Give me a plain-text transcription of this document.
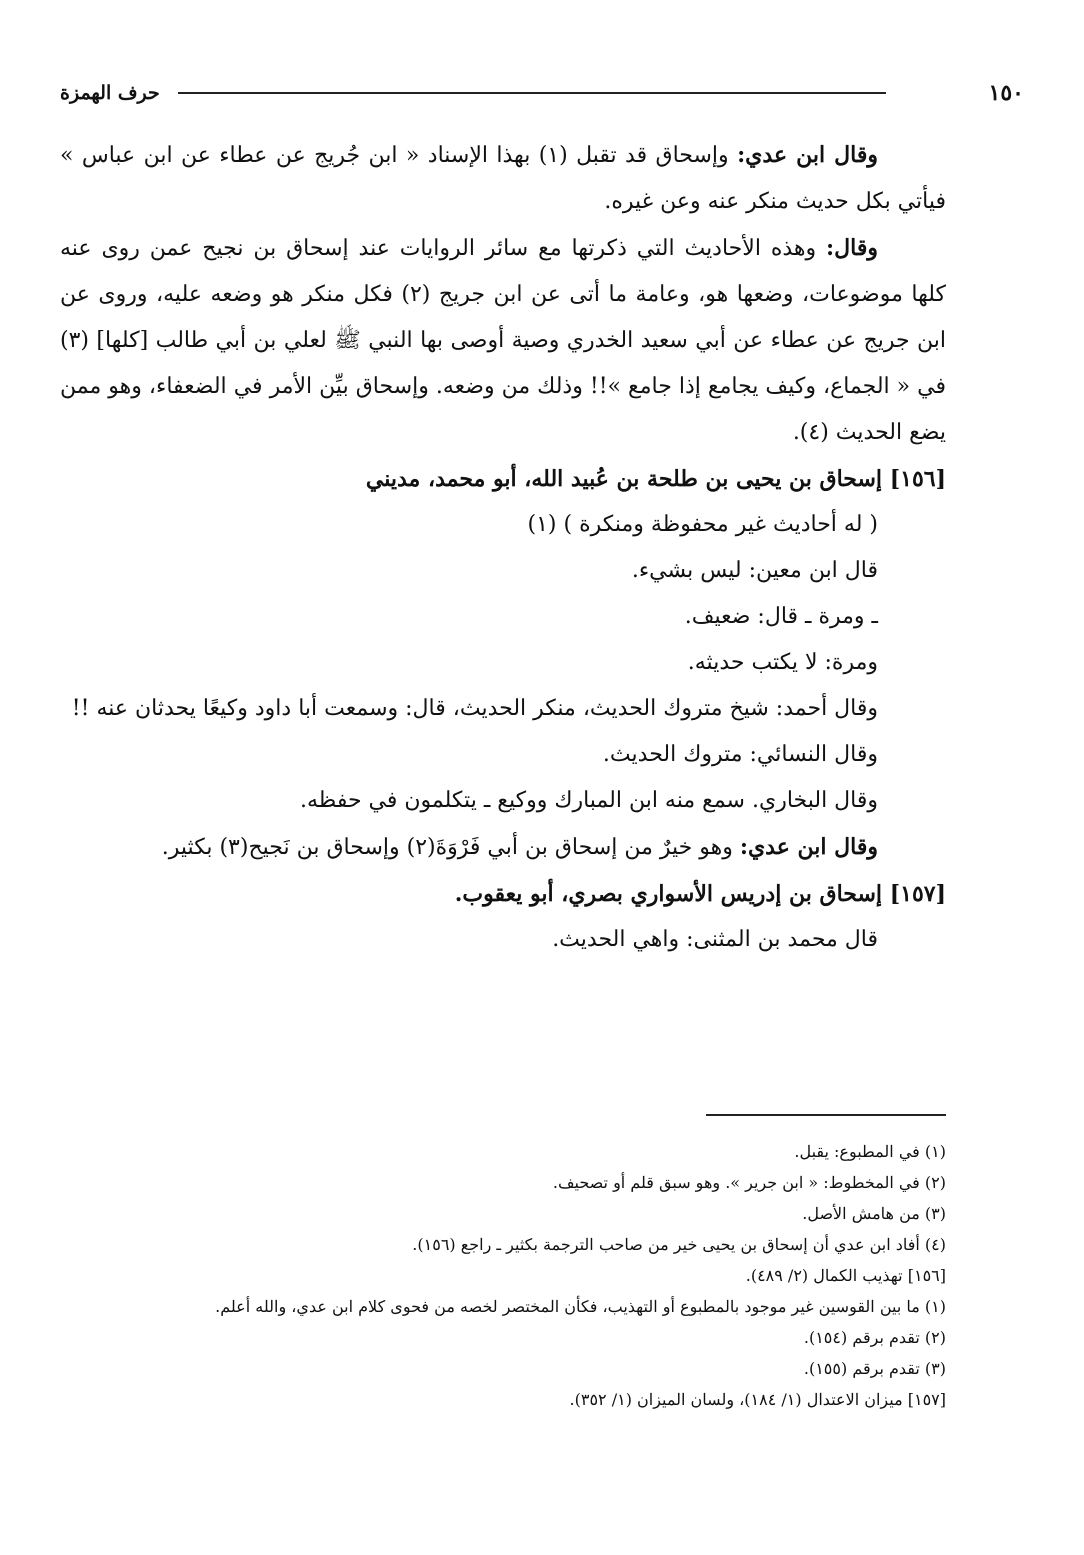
حرف الهمزة	١٥٠

وقال ابن عدي: وإسحاق قد تقبل (١) بهذا الإسناد « ابن جُريج عن عطاء عن ابن عباس » فيأتي بكل حديث منكر عنه وعن غيره.

وقال: وهذه الأحاديث التي ذكرتها مع سائر الروايات عند إسحاق بن نجيح عمن روى عنه كلها موضوعات، وضعها هو، وعامة ما أتى عن ابن جريج (٢) فكل منكر هو وضعه عليه، وروى عن ابن جريج عن عطاء عن أبي سعيد الخدري وصية أوصى بها النبي ﷺ لعلي بن أبي طالب [كلها] (٣) في « الجماع، وكيف يجامع إذا جامع »!! وذلك من وضعه. وإسحاق بيِّن الأمر في الضعفاء، وهو ممن يضع الحديث (٤).

[١٥٦] إسحاق بن يحيى بن طلحة بن عُبيد الله، أبو محمد، مديني

( له أحاديث غير محفوظة ومنكرة ) (١)

قال ابن معين: ليس بشيء.

ـ ومرة ـ قال: ضعيف.

ومرة: لا يكتب حديثه.

وقال أحمد: شيخ متروك الحديث، منكر الحديث، قال: وسمعت أبا داود وكيعًا يحدثان عنه !!

وقال النسائي: متروك الحديث.

وقال البخاري. سمع منه ابن المبارك ووكيع ـ يتكلمون في حفظه.

وقال ابن عدي: وهو خيرٌ من إسحاق بن أبي فَرْوَةَ(٢) وإسحاق بن نَجيح(٣) بكثير.

[١٥٧] إسحاق بن إدريس الأسواري بصري، أبو يعقوب.

قال محمد بن المثنى: واهي الحديث.

(١) في المطبوع: يقبل.

(٢) في المخطوط: « ابن جرير ». وهو سبق قلم أو تصحيف.

(٣) من هامش الأصل.

(٤) أفاد ابن عدي أن إسحاق بن يحيى خير من صاحب الترجمة بكثير ـ راجع (١٥٦).

[١٥٦] تهذيب الكمال (٢/ ٤٨٩).

(١) ما بين القوسين غير موجود بالمطبوع أو التهذيب، فكأن المختصر لخصه من فحوى كلام ابن عدي، والله أعلم.

(٢) تقدم برقم (١٥٤).

(٣) تقدم برقم (١٥٥).

[١٥٧] ميزان الاعتدال (١/ ١٨٤)، ولسان الميزان (١/ ٣٥٢).
